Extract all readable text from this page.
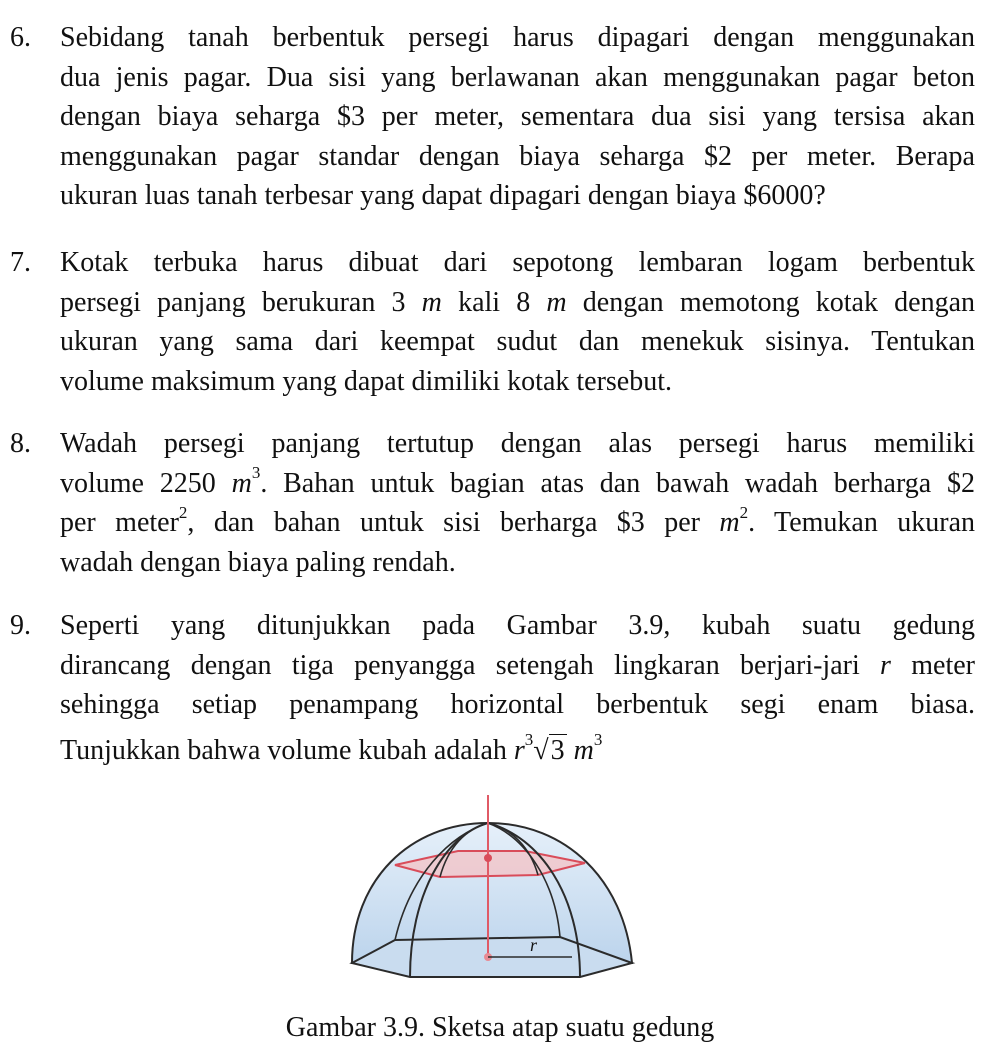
6. Sebidang tanah berbentuk persegi harus dipagari dengan menggunakan
dua jenis pagar. Dua sisi yang berlawanan akan menggunakan pagar beton
dengan biaya seharga $3 per meter, sementara dua sisi yang tersisa akan
menggunakan pagar standar dengan biaya seharga $2 per meter. Berapa
ukuran luas tanah terbesar yang dapat dipagari dengan biaya $6000?
7. Kotak terbuka harus dibuat dari sepotong lembaran logam berbentuk
persegi panjang berukuran 3 m kali 8 m dengan memotong kotak dengan
ukuran yang sama dari keempat sudut dan menekuk sisinya. Tentukan
volume maksimum yang dapat dimiliki kotak tersebut.
8. Wadah persegi panjang tertutup dengan alas persegi harus memiliki
volume 2250 $m^3$. Bahan untuk bagian atas dan bawah wadah berharga $2
per meter$^2$, dan bahan untuk sisi berharga $3 per $m^2$. Temukan ukuran
wadah dengan biaya paling rendah.
9. Seperti yang ditunjukkan pada Gambar 3.9, kubah suatu gedung
dirancang dengan tiga penyangga setengah lingkaran berjari-jari r meter
sehingga setiap penampang horizontal berbentuk segi enam biasa.
Tunjukkan bahwa volume kubah adalah $r^3√3$ $m^3$
r
Gambar 3.9. Sketsa atap suatu gedung
